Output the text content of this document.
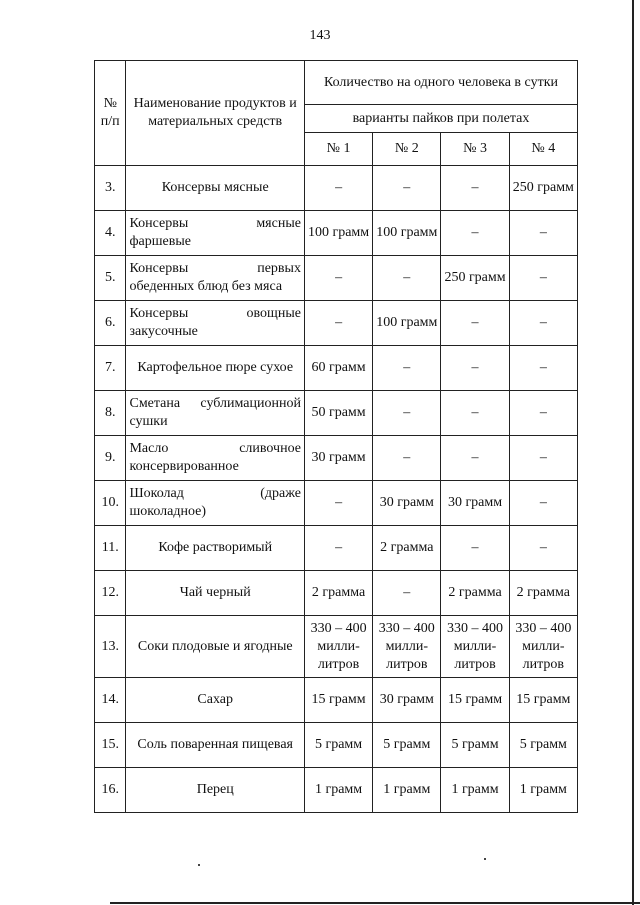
143
№ п/п	Наименование продуктов и материальных средств	Количество на одного человека в сутки			
		варианты пайков при полетах			
		№ 1	№ 2	№ 3	№ 4
3.	Консервы мясные	–	–	–	250 грамм
4.	Консервы мясные фаршевые	100 грамм	100 грамм	–	–
5.	Консервы первых обеденных блюд без мяса	–	–	250 грамм	–
6.	Консервы овощные закусочные	–	100 грамм	–	–
7.	Картофельное пюре сухое	60 грамм	–	–	–
8.	Сметана сублимационной сушки	50 грамм	–	–	–
9.	Масло сливочное консервированное	30 грамм	–	–	–
10.	Шоколад (драже шоколадное)	–	30 грамм	30 грамм	–
11.	Кофе растворимый	–	2 грамма	–	–
12.	Чай черный	2 грамма	–	2 грамма	2 грамма
13.	Соки плодовые и ягодные	330 – 400 милли-литров	330 – 400 милли-литров	330 – 400 милли-литров	330 – 400 милли-литров
14.	Сахар	15 грамм	30 грамм	15 грамм	15 грамм
15.	Соль поваренная пищевая	5 грамм	5 грамм	5 грамм	5 грамм
16.	Перец	1 грамм	1 грамм	1 грамм	1 грамм
